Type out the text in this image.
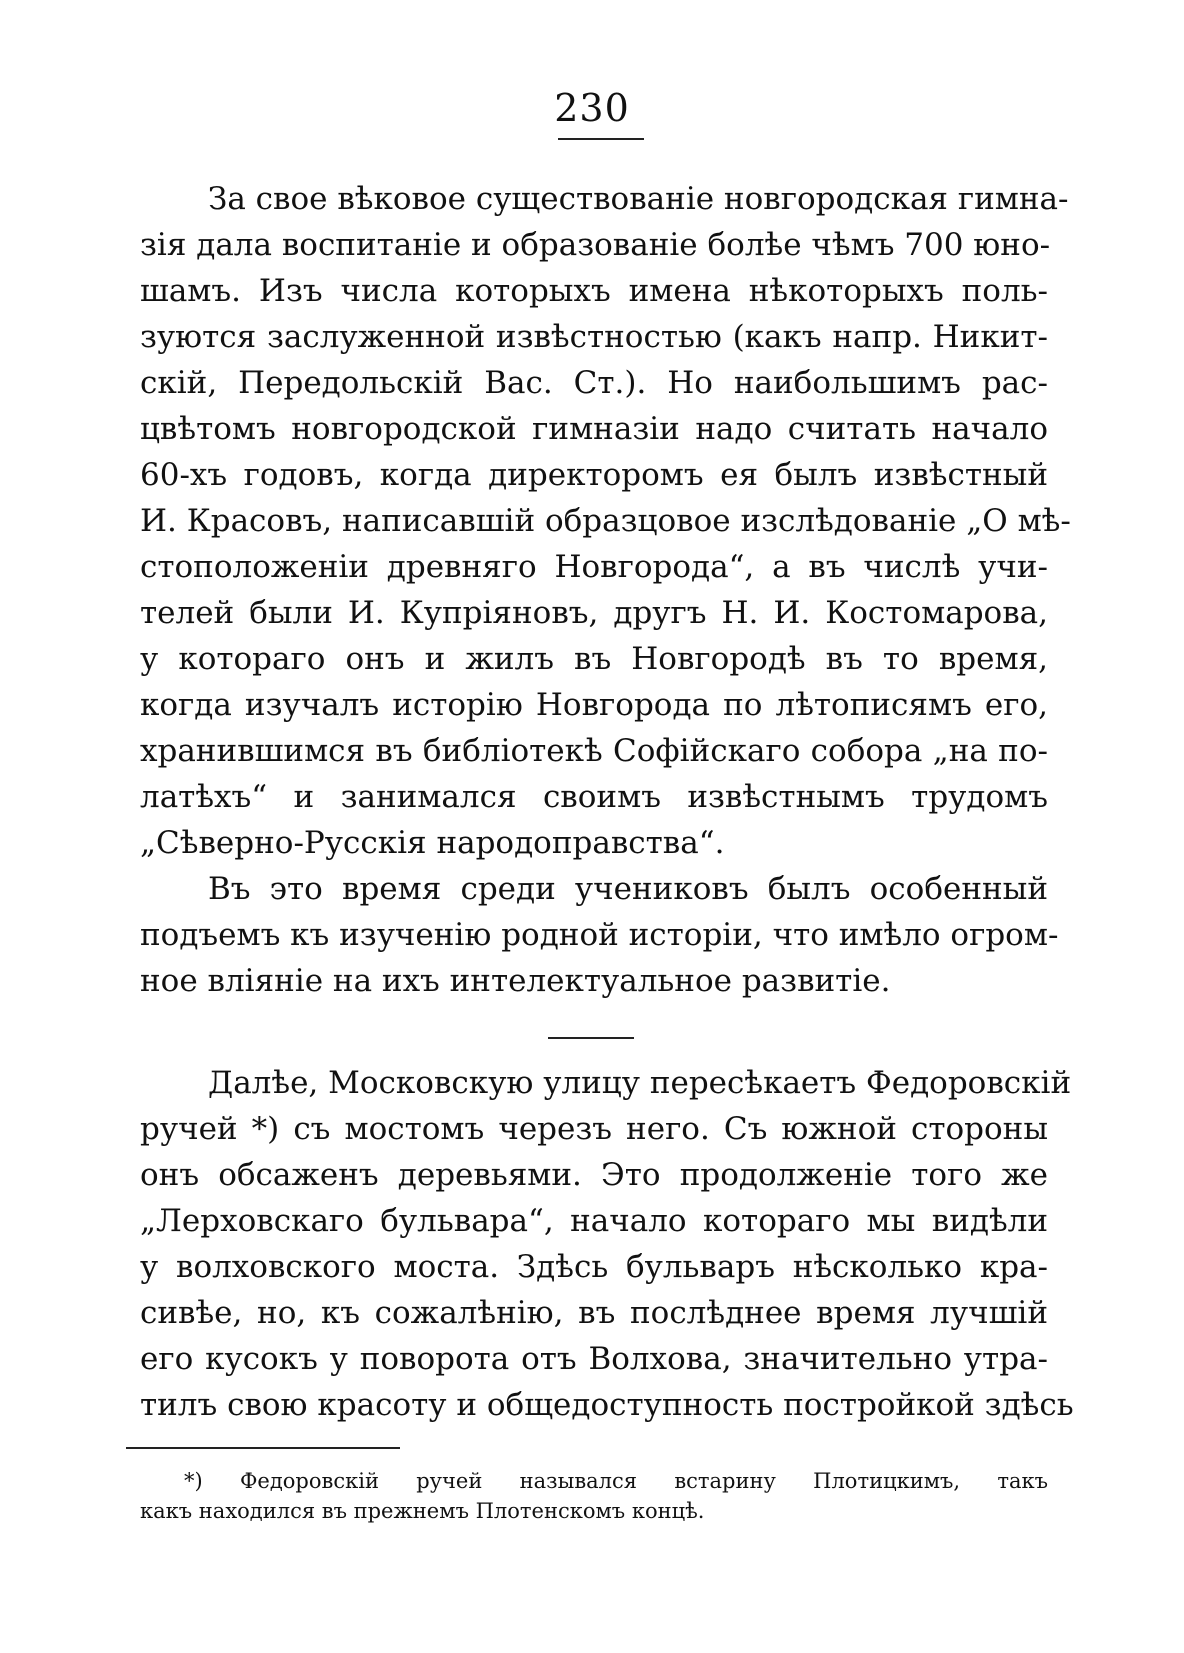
230
За свое вѣковое существованіе новгородская гимна-
зія дала воспитаніе и образованіе болѣе чѣмъ 700 юно-
шамъ. Изъ числа которыхъ имена нѣкоторыхъ поль-
зуются заслуженной извѣстностью (какъ напр. Никит-
скій, Передольскій Вас. Ст.). Но наибольшимъ рас-
цвѣтомъ новгородской гимназіи надо считать начало
60-хъ годовъ, когда директоромъ ея былъ извѣстный
И. Красовъ, написавшій образцовое изслѣдованіе „О мѣ-
стоположеніи древняго Новгорода“, а въ числѣ учи-
телей были И. Купріяновъ, другъ Н. И. Костомарова,
у котораго онъ и жилъ въ Новгородѣ въ то время,
когда изучалъ исторію Новгорода по лѣтописямъ его,
хранившимся въ библіотекѣ Софійскаго собора „на по-
латѣхъ“ и занимался своимъ извѣстнымъ трудомъ
„Сѣверно-Русскія народоправства“.
Въ это время среди учениковъ былъ особенный
подъемъ къ изученію родной исторіи, что имѣло огром-
ное вліяніе на ихъ интелектуальное развитіе.
Далѣе, Московскую улицу пересѣкаетъ Федоровскій
ручей *) съ мостомъ черезъ него. Съ южной стороны
онъ обсаженъ деревьями. Это продолженіе того же
„Лерховскаго бульвара“, начало котораго мы видѣли
у волховского моста. Здѣсь бульваръ нѣсколько кра-
сивѣе, но, къ сожалѣнію, въ послѣднее время лучшій
его кусокъ у поворота отъ Волхова, значительно утра-
тилъ свою красоту и общедоступность постройкой здѣсь
*) Федоровскій ручей назывался встарину Плотицкимъ, такъ
какъ находился въ прежнемъ Плотенскомъ концѣ.
